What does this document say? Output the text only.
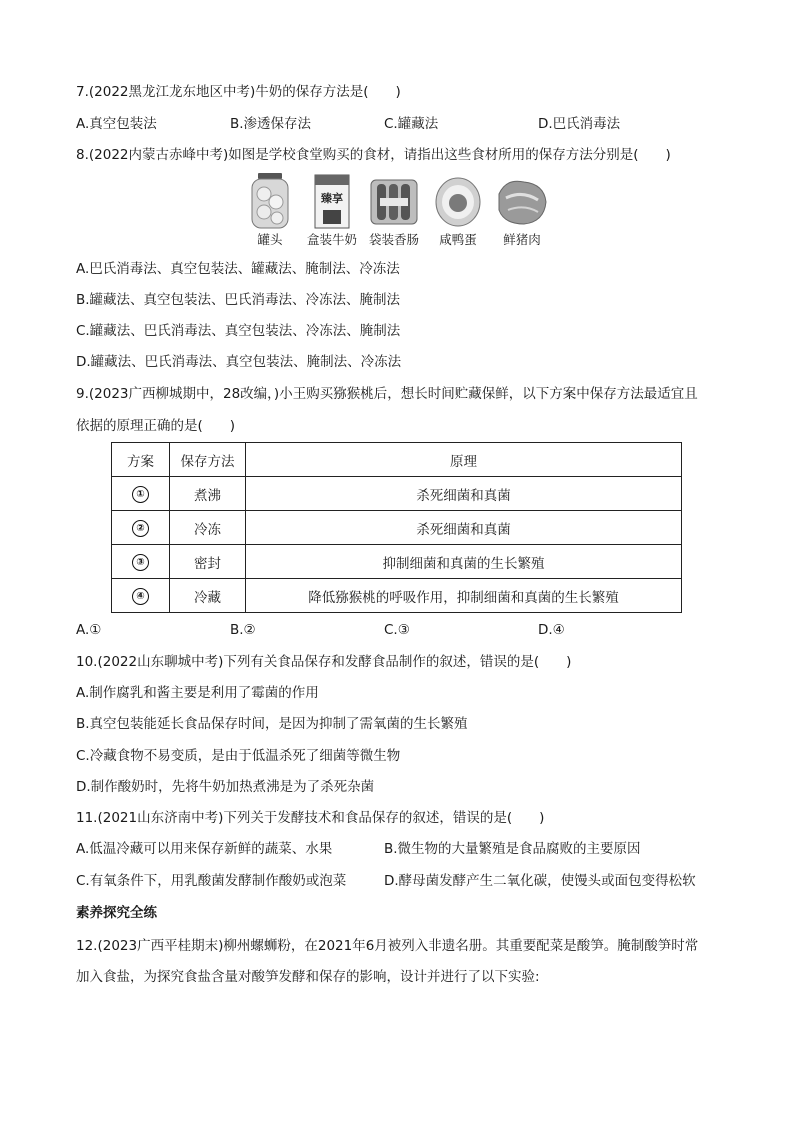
7.(2022黑龙江龙东地区中考)牛奶的保存方法是(　　)
A.真空包装法	B.渗透保存法	C.罐藏法	D.巴氏消毒法
8.(2022内蒙古赤峰中考)如图是学校食堂购买的食材，请指出这些食材所用的保存方法分别是(　　)
罐头
臻享
盒装牛奶 袋装香肠	咸鸭蛋	鲜猪肉
A.巴氏消毒法、真空包装法、罐藏法、腌制法、冷冻法
B.罐藏法、真空包装法、巴氏消毒法、冷冻法、腌制法
C.罐藏法、巴氏消毒法、真空包装法、冷冻法、腌制法
D.罐藏法、巴氏消毒法、真空包装法、腌制法、冷冻法
9.(2023广西柳城期中，28改编，)小王购买猕猴桃后，想长时间贮藏保鲜，以下方案中保存方法最适宜且
依据的原理正确的是(　　)
方案	保存方法	原理
①	煮沸	杀死细菌和真菌
②	冷冻	杀死细菌和真菌
③	密封	抑制细菌和真菌的生长繁殖
④	冷藏	降低猕猴桃的呼吸作用，抑制细菌和真菌的生长繁殖
A.①	B.②	C.③	D.④
10.(2022山东聊城中考)下列有关食品保存和发酵食品制作的叙述，错误的是(　　)
A.制作腐乳和酱主要是利用了霉菌的作用
B.真空包装能延长食品保存时间，是因为抑制了需氧菌的生长繁殖
C.冷藏食物不易变质，是由于低温杀死了细菌等微生物
D.制作酸奶时，先将牛奶加热煮沸是为了杀死杂菌
11.(2021山东济南中考)下列关于发酵技术和食品保存的叙述，错误的是(　　)
A.低温冷藏可以用来保存新鲜的蔬菜、水果	B.微生物的大量繁殖是食品腐败的主要原因
C.有氧条件下，用乳酸菌发酵制作酸奶或泡菜	D.酵母菌发酵产生二氧化碳，使馒头或面包变得松软
素养探究全练
12.(2023广西平桂期末)柳州螺蛳粉，在2021年6月被列入非遗名册。其重要配菜是酸笋。腌制酸笋时常
加入食盐，为探究食盐含量对酸笋发酵和保存的影响，设计并进行了以下实验:
